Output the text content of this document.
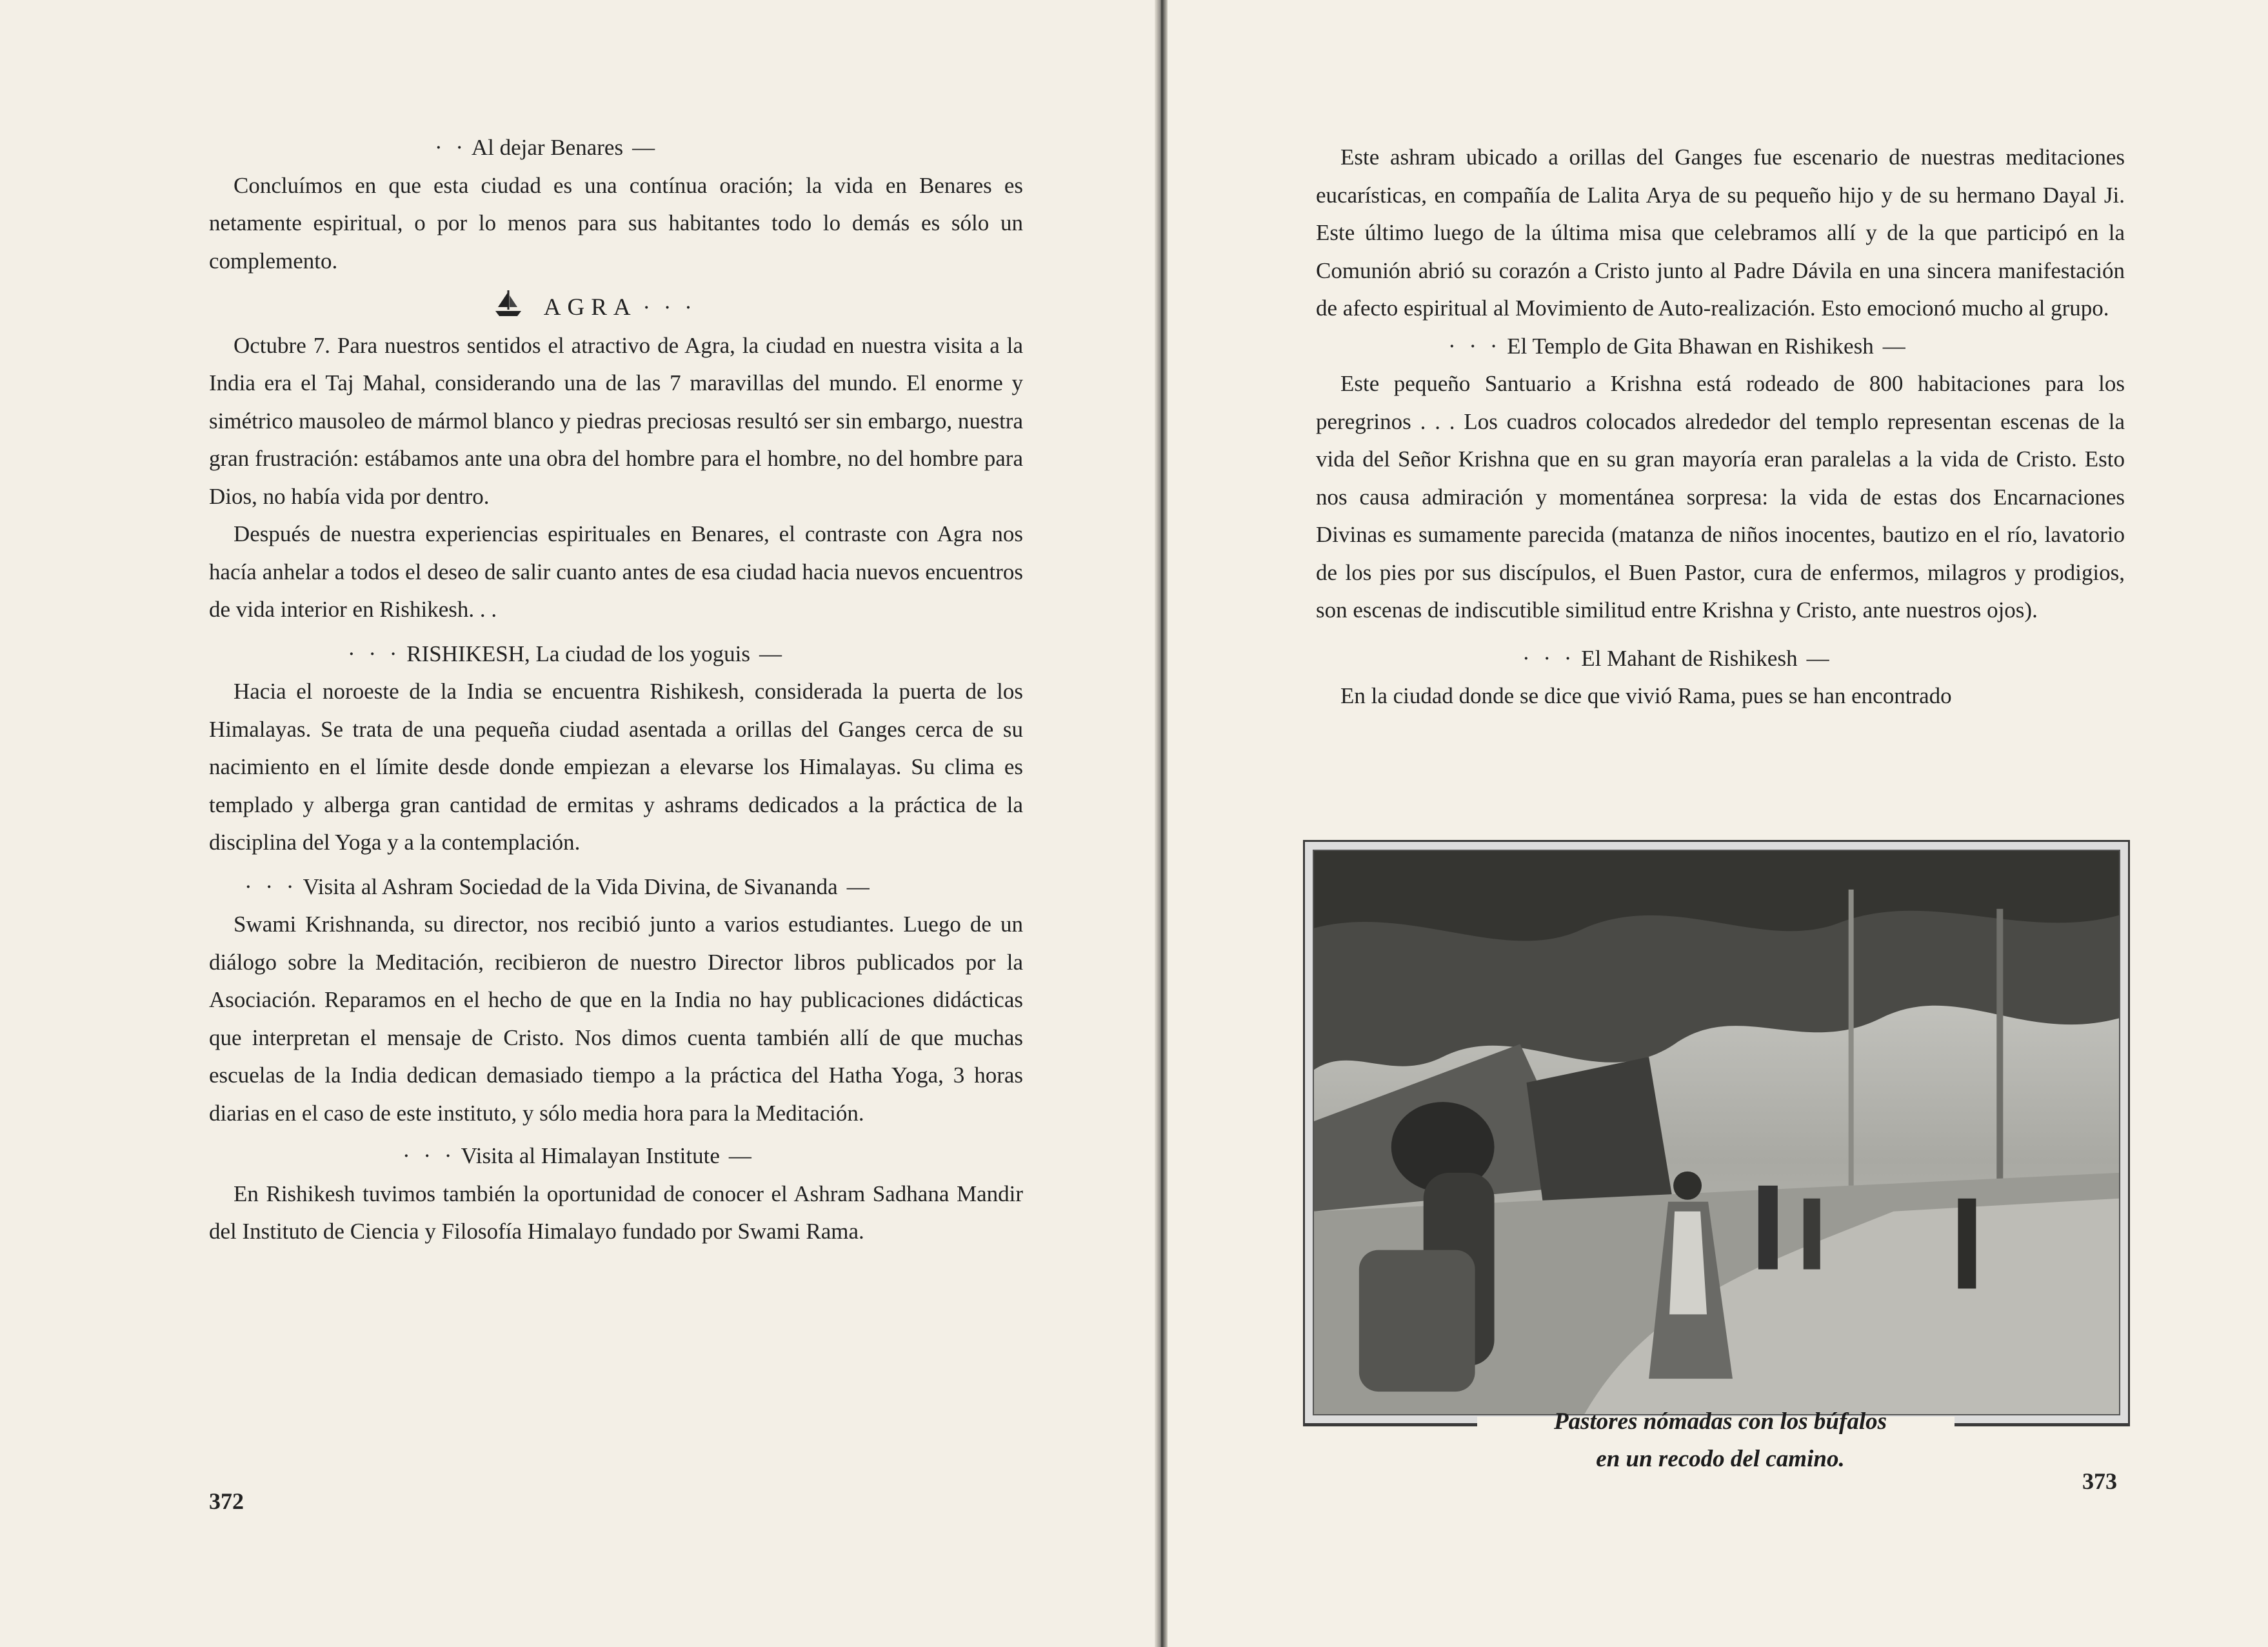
· · Al dejar Benares —

Concluímos en que esta ciudad es una contínua oración; la vida en Benares es netamente espiritual, o por lo menos para sus habitantes todo lo demás es sólo un complemento.

AGRA · · ·

Octubre 7. Para nuestros sentidos el atractivo de Agra, la ciudad en nuestra visita a la India era el Taj Mahal, considerando una de las 7 maravillas del mundo. El enorme y simétrico mausoleo de mármol blanco y piedras preciosas resultó ser sin embargo, nuestra gran frustración: estábamos ante una obra del hombre para el hombre, no del hombre para Dios, no había vida por dentro.

Después de nuestra experiencias espirituales en Benares, el contraste con Agra nos hacía anhelar a todos el deseo de salir cuanto antes de esa ciudad hacia nuevos encuentros de vida interior en Rishikesh. . .

· · · RISHIKESH, La ciudad de los yoguis —

Hacia el noroeste de la India se encuentra Rishikesh, considerada la puerta de los Himalayas. Se trata de una pequeña ciudad asentada a orillas del Ganges cerca de su nacimiento en el límite desde donde empiezan a elevarse los Himalayas. Su clima es templado y alberga gran cantidad de ermitas y ashrams dedicados a la práctica de la disciplina del Yoga y a la contemplación.

· · · Visita al Ashram Sociedad de la Vida Divina, de Sivananda —

Swami Krishnanda, su director, nos recibió junto a varios estudiantes. Luego de un diálogo sobre la Meditación, recibieron de nuestro Director libros publicados por la Asociación. Reparamos en el hecho de que en la India no hay publicaciones didácticas que interpretan el mensaje de Cristo. Nos dimos cuenta también allí de que muchas escuelas de la India dedican demasiado tiempo a la práctica del Hatha Yoga, 3 horas diarias en el caso de este instituto, y sólo media hora para la Meditación.

· · · Visita al Himalayan Institute —

En Rishikesh tuvimos también la oportunidad de conocer el Ashram Sadhana Mandir del Instituto de Ciencia y Filosofía Himalayo fundado por Swami Rama.

372

Este ashram ubicado a orillas del Ganges fue escenario de nuestras meditaciones eucarísticas, en compañía de Lalita Arya de su pequeño hijo y de su hermano Dayal Ji. Este último luego de la última misa que celebramos allí y de la que participó en la Comunión abrió su corazón a Cristo junto al Padre Dávila en una sincera manifestación de afecto espiritual al Movimiento de Auto-realización. Esto emocionó mucho al grupo.

· · · El Templo de Gita Bhawan en Rishikesh —

Este pequeño Santuario a Krishna está rodeado de 800 habitaciones para los peregrinos . . . Los cuadros colocados alrededor del templo representan escenas de la vida del Señor Krishna que en su gran mayoría eran paralelas a la vida de Cristo. Esto nos causa admiración y momentánea sorpresa: la vida de estas dos Encarnaciones Divinas es sumamente parecida (matanza de niños inocentes, bautizo en el río, lavatorio de los pies por sus discípulos, el Buen Pastor, cura de enfermos, milagros y prodigios, son escenas de indiscutible similitud entre Krishna y Cristo, ante nuestros ojos).

· · · El Mahant de Rishikesh —

En la ciudad donde se dice que vivió Rama, pues se han encontrado

Pastores nómadas con los búfalos
en un recodo del camino.
373
